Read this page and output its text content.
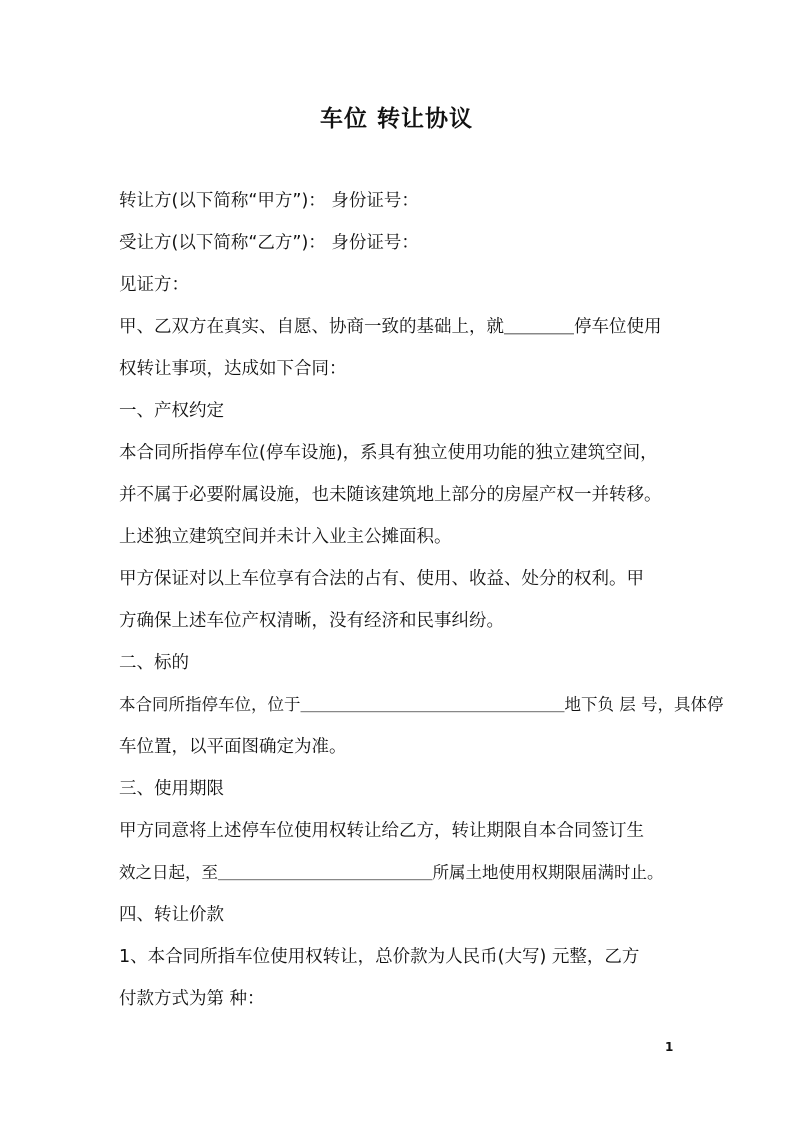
车位 转让协议
转让方(以下简称“甲方”)： 身份证号：
受让方(以下简称“乙方”)： 身份证号：
见证方：
甲、乙双方在真实、自愿、协商一致的基础上，就＿＿＿＿停车位使用
权转让事项，达成如下合同：
一、产权约定
本合同所指停车位(停车设施)，系具有独立使用功能的独立建筑空间，
并不属于必要附属设施，也未随该建筑地上部分的房屋产权一并转移。
上述独立建筑空间并未计入业主公摊面积。
甲方保证对以上车位享有合法的占有、使用、收益、处分的权利。甲
方确保上述车位产权清晰，没有经济和民事纠纷。
二、标的
本合同所指停车位，位于＿＿＿＿＿＿＿＿＿＿＿＿＿＿＿＿地下负 层 号，具体停
车位置，以平面图确定为准。
三、使用期限
甲方同意将上述停车位使用权转让给乙方，转让期限自本合同签订生
效之日起，至＿＿＿＿＿＿＿＿＿＿＿＿＿所属土地使用权期限届满时止。
四、转让价款
1、本合同所指车位使用权转让，总价款为人民币(大写) 元整，乙方
付款方式为第 种：
1
